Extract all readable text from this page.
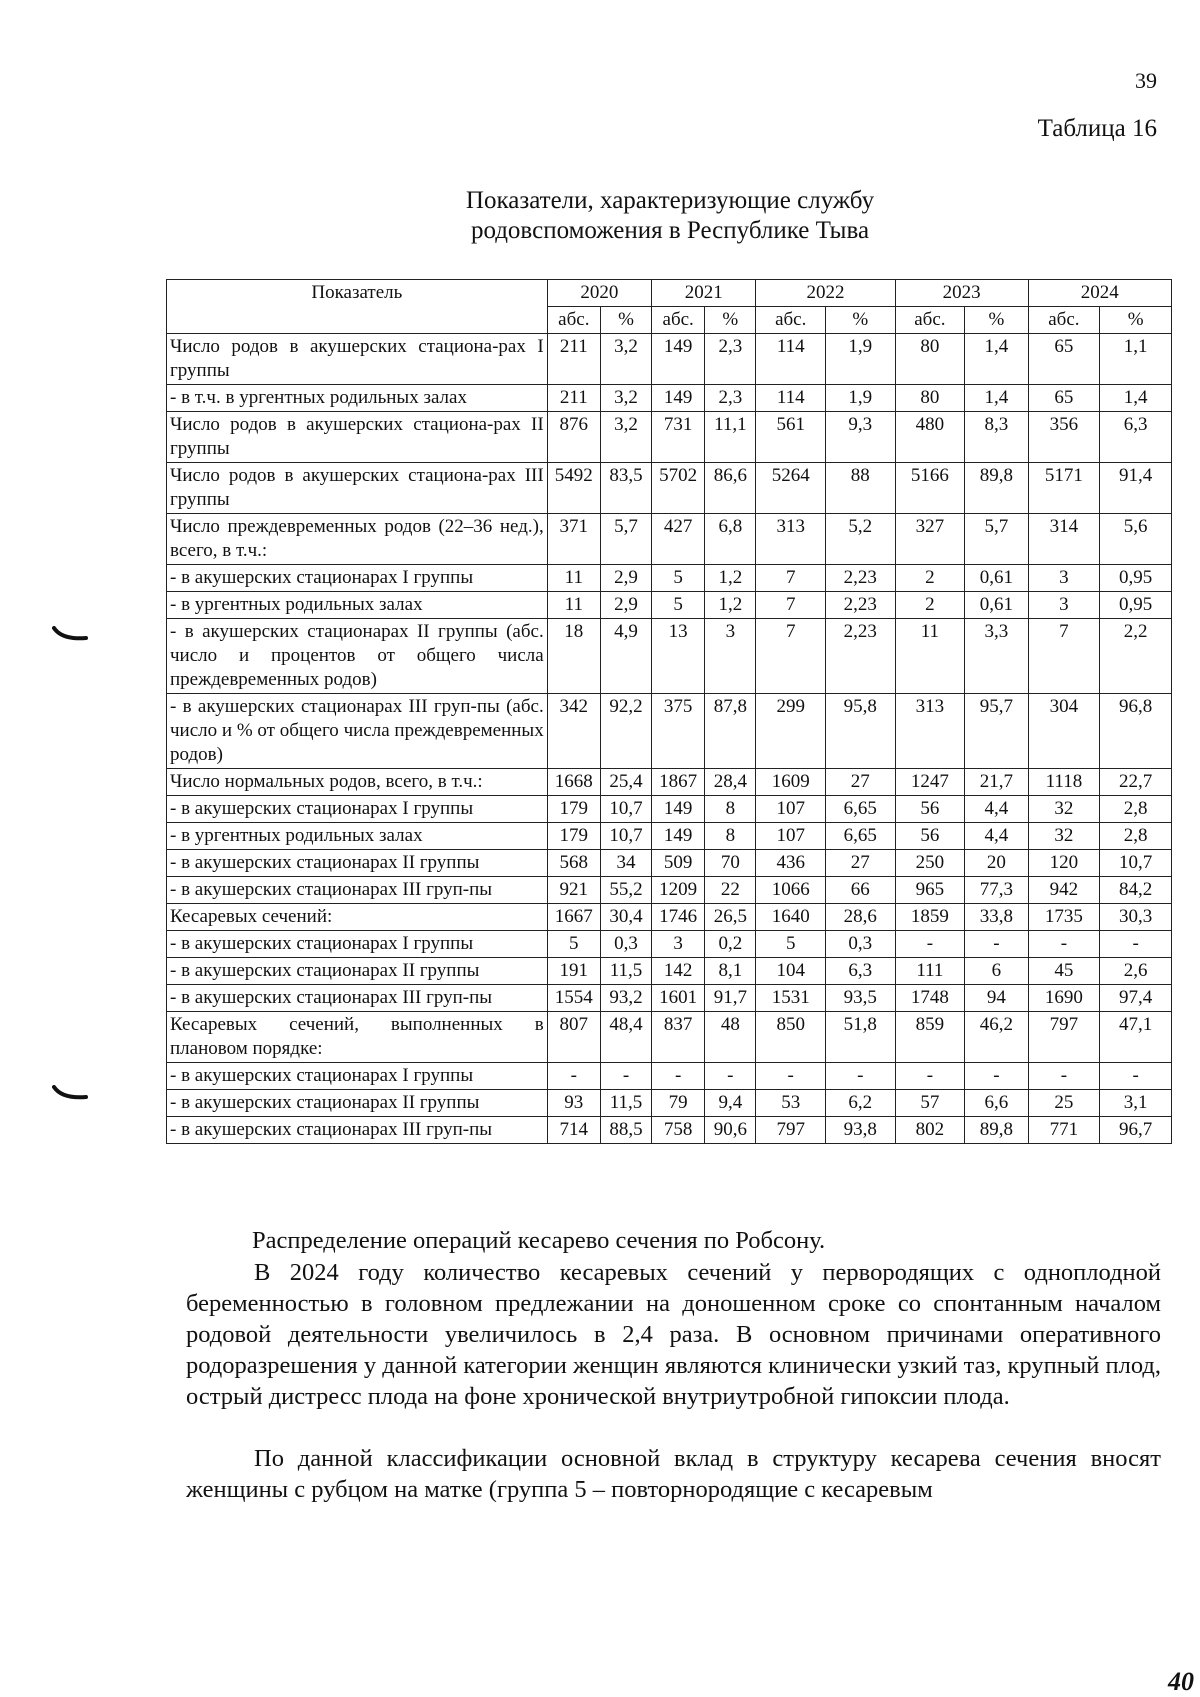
39
Таблица 16
Показатели, характеризующие службу
родовспоможения в Республике Тыва
Показатель	2020		2021		2022		2023		2024	
	абс.	%	абс.	%	абс.	%	абс.	%	абс.	%
Число родов в акушерских стациона-рах I группы	211	3,2	149	2,3	114	1,9	80	1,4	65	1,1
- в т.ч. в ургентных родильных залах	211	3,2	149	2,3	114	1,9	80	1,4	65	1,4
Число родов в акушерских стациона-рах II группы	876	3,2	731	11,1	561	9,3	480	8,3	356	6,3
Число родов в акушерских стациона-рах III группы	5492	83,5	5702	86,6	5264	88	5166	89,8	5171	91,4
Число преждевременных родов (22–36 нед.), всего, в т.ч.:	371	5,7	427	6,8	313	5,2	327	5,7	314	5,6
- в акушерских стационарах I группы	11	2,9	5	1,2	7	2,23	2	0,61	3	0,95
- в ургентных родильных залах	11	2,9	5	1,2	7	2,23	2	0,61	3	0,95
- в акушерских стационарах II группы (абс. число и процентов от общего числа преждевременных родов)	18	4,9	13	3	7	2,23	11	3,3	7	2,2
- в акушерских стационарах III груп-пы (абс. число и % от общего числа преждевременных родов)	342	92,2	375	87,8	299	95,8	313	95,7	304	96,8
Число нормальных родов, всего, в т.ч.:	1668	25,4	1867	28,4	1609	27	1247	21,7	1118	22,7
- в акушерских стационарах I группы	179	10,7	149	8	107	6,65	56	4,4	32	2,8
- в ургентных родильных залах	179	10,7	149	8	107	6,65	56	4,4	32	2,8
- в акушерских стационарах II группы	568	34	509	70	436	27	250	20	120	10,7
- в акушерских стационарах III груп-пы	921	55,2	1209	22	1066	66	965	77,3	942	84,2
Кесаревых сечений:	1667	30,4	1746	26,5	1640	28,6	1859	33,8	1735	30,3
- в акушерских стационарах I группы	5	0,3	3	0,2	5	0,3	-	-	-	-
- в акушерских стационарах II группы	191	11,5	142	8,1	104	6,3	111	6	45	2,6
- в акушерских стационарах III груп-пы	1554	93,2	1601	91,7	1531	93,5	1748	94	1690	97,4
Кесаревых сечений, выполненных в плановом порядке:	807	48,4	837	48	850	51,8	859	46,2	797	47,1
- в акушерских стационарах I группы	-	-	-	-	-	-	-	-	-	-
- в акушерских стационарах II группы	93	11,5	79	9,4	53	6,2	57	6,6	25	3,1
- в акушерских стационарах III груп-пы	714	88,5	758	90,6	797	93,8	802	89,8	771	96,7
Распределение операций кесарево сечения по Робсону.
В 2024 году количество кесаревых сечений у первородящих с одноплодной беременностью в головном предлежании на доношенном сроке со спонтанным началом родовой деятельности увеличилось в 2,4 раза. В основном причинами оперативного родоразрешения у данной категории женщин являются клинически узкий таз, крупный плод, острый дистресс плода на фоне хронической внутриутробной гипоксии плода.
По данной классификации основной вклад в структуру кесарева сечения вносят женщины с рубцом на матке (группа 5 – повторнородящие с кесаревым
40
